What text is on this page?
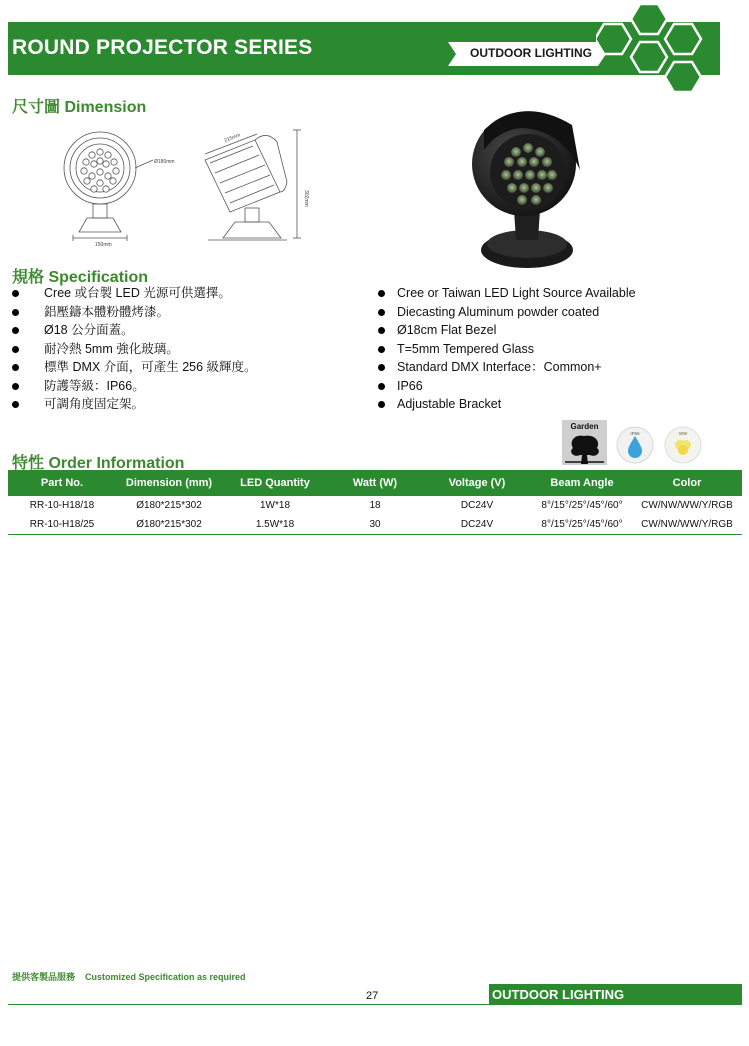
ROUND PROJECTOR SERIES	OUTDOOR LIGHTING
尺寸圖 Dimension
Ø180mm
150mm
215mm
302mm
規格 Specification
Cree 或台製 LED 光源可供選擇。
鋁壓鑄本體粉體烤漆。
Ø18 公分面蓋。
耐冷熱 5mm 強化玻璃。
標準 DMX 介面，可產生 256 級輝度。
防護等級：IP66。
可調角度固定架。
Cree or Taiwan LED Light Source Available
Diecasting Aluminum powder coated
Ø18cm Flat Bezel
T=5mm Tempered Glass
Standard DMX Interface：Common+
IP66
Adjustable Bracket
Garden
IP66	WW
特性 Order Information
Part No.	Dimension (mm)	LED Quantity	Watt (W)	Voltage (V)	Beam Angle	Color
RR-10-H18/18	Ø180*215*302	1W*18	18	DC24V	8°/15°/25°/45°/60°	CW/NW/WW/Y/RGB
RR-10-H18/25	Ø180*215*302	1.5W*18	30	DC24V	8°/15°/25°/45°/60°	CW/NW/WW/Y/RGB
提供客製品服務    Customized Specification as required
27	OUTDOOR LIGHTING
